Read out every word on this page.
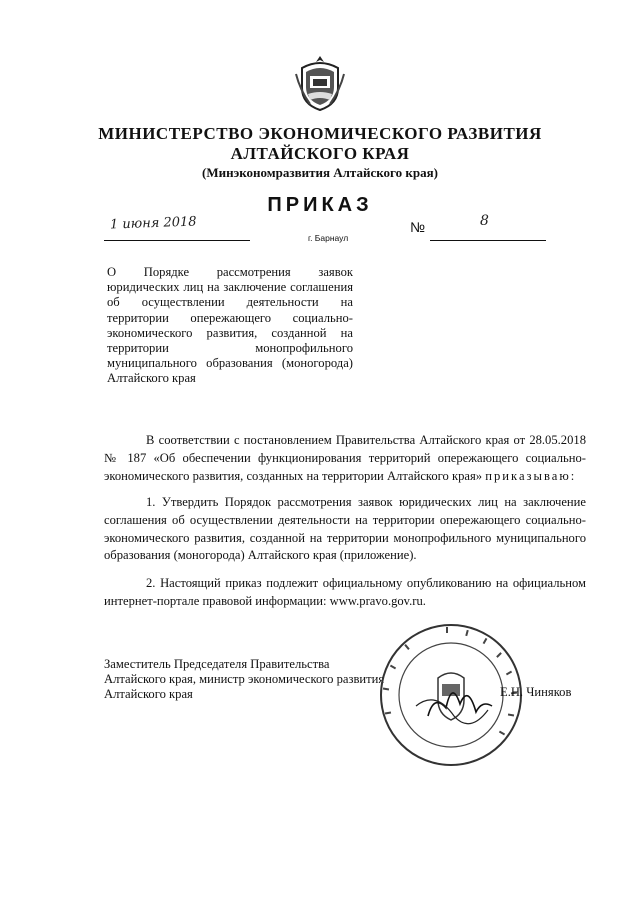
МИНИСТЕРСТВО ЭКОНОМИЧЕСКОГО РАЗВИТИЯ
АЛТАЙСКОГО КРАЯ
(Минэкономразвития Алтайского края)
ПРИКАЗ
1 июня 2018	№	8
г. Барнаул
О Порядке рассмотрения заявок юридических лиц на заключение соглашения об осуществлении деятельности на территории опережающего социально-экономического развития, созданной на территории монопрофильного муниципального образования (моногорода) Алтайского края
В соответствии с постановлением Правительства Алтайского края от 28.05.2018 № 187 «Об обеспечении функционирования территорий опережающего социально-экономического развития, созданных на территории Алтайского края» приказываю:
1. Утвердить Порядок рассмотрения заявок юридических лиц на заключение соглашения об осуществлении деятельности на территории опережающего социально-экономического развития, созданной на территории монопрофильного муниципального образования (моногорода) Алтайского края (приложение).
2. Настоящий приказ подлежит официальному опубликованию на официальном интернет-портале правовой информации: www.pravo.gov.ru.
Заместитель Председателя Правительства Алтайского края, министр экономического развития Алтайского края	Е.Н. Чиняков
